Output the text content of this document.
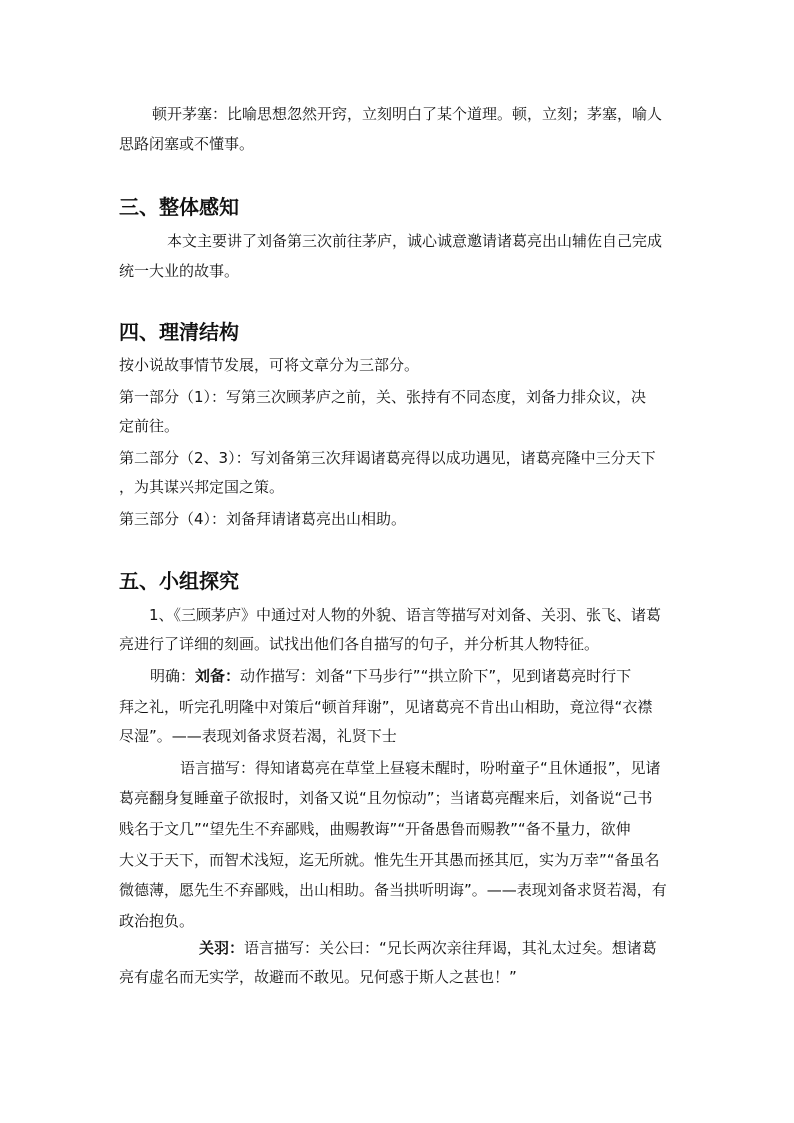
顿开茅塞：比喻思想忽然开窍，立刻明白了某个道理。顿，立刻；茅塞，喻人

思路闭塞或不懂事。

三、整体感知

本文主要讲了刘备第三次前往茅庐，诚心诚意邀请诸葛亮出山辅佐自己完成

统一大业的故事。

四、理清结构

按小说故事情节发展，可将文章分为三部分。

第一部分（1）：写第三次顾茅庐之前，关、张持有不同态度，刘备力排众议，决

定前往。

第二部分（2、3）：写刘备第三次拜谒诸葛亮得以成功遇见，诸葛亮隆中三分天下

，为其谋兴邦定国之策。

第三部分（4）：刘备拜请诸葛亮出山相助。

五、小组探究

1、《三顾茅庐》中通过对人物的外貌、语言等描写对刘备、关羽、张飞、诸葛

亮进行了详细的刻画。试找出他们各自描写的句子，并分析其人物特征。

明确：刘备：动作描写：刘备“下马步行”“拱立阶下”，见到诸葛亮时行下

拜之礼，听完孔明隆中对策后“顿首拜谢”，见诸葛亮不肯出山相助，竟泣得“衣襟

尽湿”。——表现刘备求贤若渴，礼贤下士

语言描写：得知诸葛亮在草堂上昼寝未醒时，吩咐童子“且休通报”，见诸

葛亮翻身复睡童子欲报时，刘备又说“且勿惊动”；当诸葛亮醒来后，刘备说“己书

贱名于文几”“望先生不弃鄙贱，曲赐教诲”“开备愚鲁而赐教”“备不量力，欲伸

大义于天下，而智术浅短，迄无所就。惟先生开其愚而拯其厄，实为万幸”“备虽名

微德薄，愿先生不弃鄙贱，出山相助。备当拱听明诲”。——表现刘备求贤若渴，有

政治抱负。

关羽：语言描写：关公曰：“兄长两次亲往拜谒，其礼太过矣。想诸葛

亮有虚名而无实学，故避而不敢见。兄何惑于斯人之甚也！”
